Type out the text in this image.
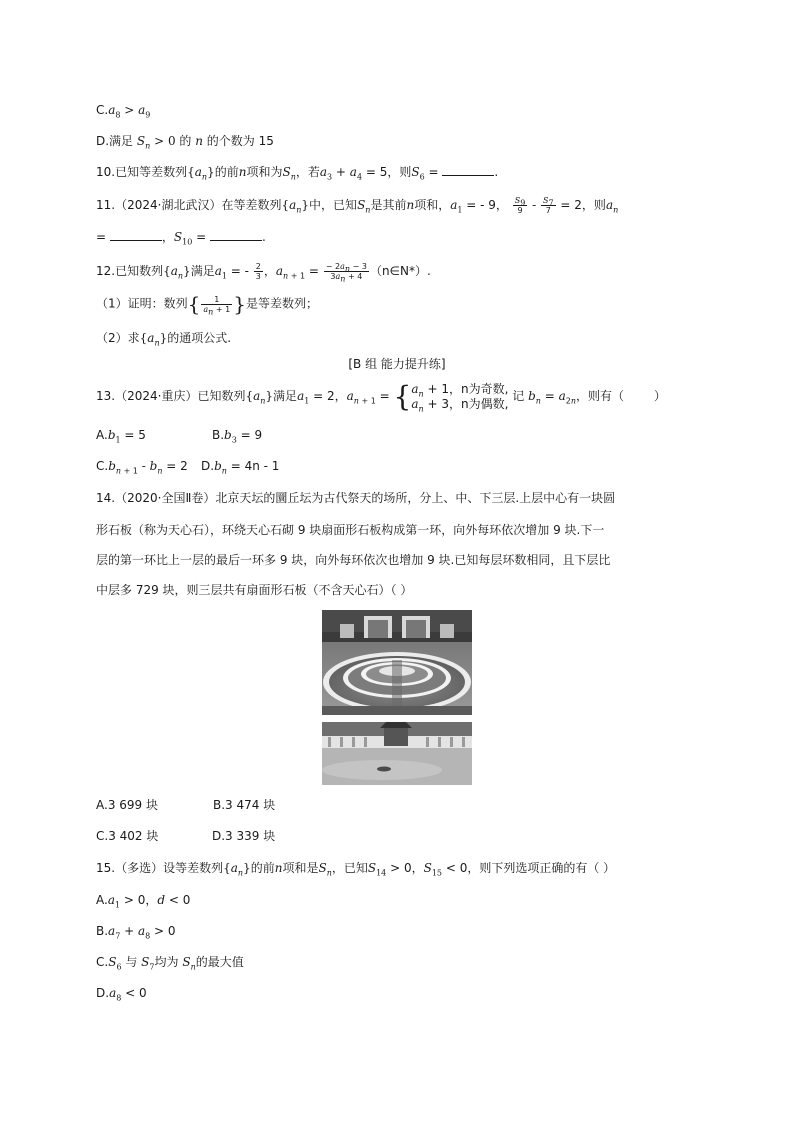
$C.a_8 > a_9$
D.满足 $S_n > 0$ 的 n 的个数为 15
10.已知等差数列$\{a_n\}$的前n项和为$S_n$，若$a_3 + a_4 = 5$，则$S_6$ =	.
11.（2024·湖北武汉）在等差数列$\{a_n\}$中，已知$S_n$是其前n项和，$a_1$ = - 9， $\frac{S_9}{9} - \frac{S_7}{7} = 2$，则$a_n$
=	，$S_{10}$ =	.
12.已知数列$\{a_n\}$满足$a_1$ = - $\frac{2}{3}$ ，$a_{n + 1} = \frac{- 2a_n - 3}{3a_n + 4}$ （n∈N*）.
（1）证明：数列{ $\frac{1}{a_n + 1}$ }是等差数列；
（2）求$\{a_n\}$的通项公式.
[B 组 能力提升练]
13.（2024·重庆）已知数列$\{a_n\}$满足$a_1 = 2$，$a_{n + 1}$ = { $a_n + 1$，n为奇数,
$a_n + 3$，n为偶数,
记 $b_n = a_{2n}$，则有（	）
$A.b_1 = 5$	$B.b_3 = 9$
$C.b_{n + 1} - b_n = 2$ $D.b_n = 4n - 1$
14.（2020·全国Ⅱ卷）北京天坛的圜丘坛为古代祭天的场所，分上、中、下三层.上层中心有一块圆
形石板（称为天心石），环绕天心石砌 9 块扇面形石板构成第一环，向外每环依次增加 9 块.下一
层的第一环比上一层的最后一环多 9 块，向外每环依次也增加 9 块.已知每层环数相同，且下层比
中层多 729 块，则三层共有扇面形石板（不含天心石）（ ）
A.3 699 块	B.3 474 块
C.3 402 块	D.3 339 块
15.（多选）设等差数列$\{a_n\}$的前n项和是$S_n$，已知$S_{14} > 0$，$S_{15} < 0$，则下列选项正确的有（ ）
$A.a_1 > 0$，d < 0
$B.a_7 + a_8 > 0$
$C.S_6$ 与 $S_7$均为 $S_n$的最大值
$D.a_8 < 0$
